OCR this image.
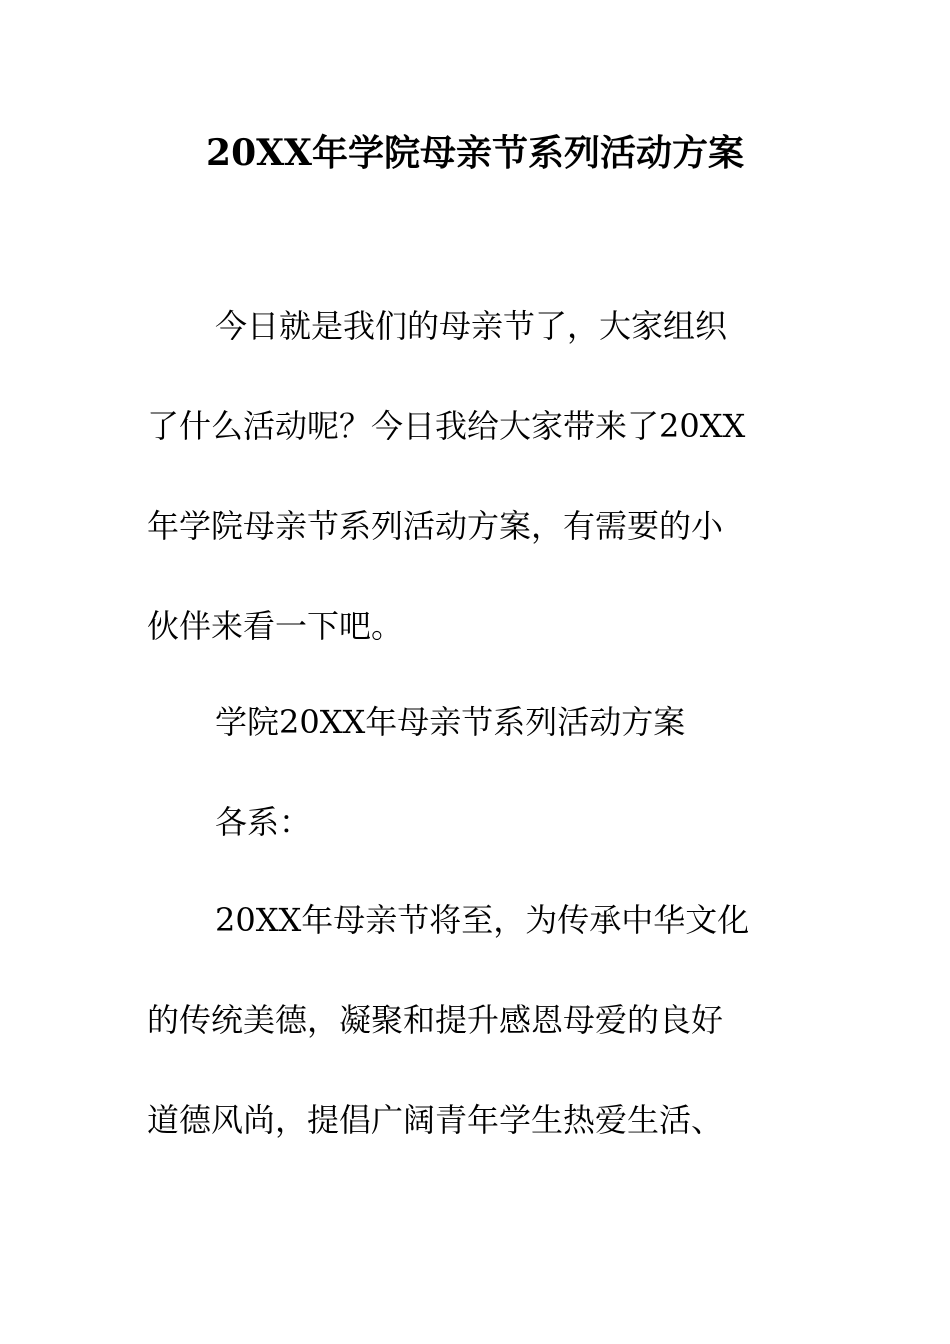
20XX年学院母亲节系列活动方案

今日就是我们的母亲节了，大家组织

了什么活动呢？今日我给大家带来了20XX

年学院母亲节系列活动方案，有需要的小

伙伴来看一下吧。

学院20XX年母亲节系列活动方案

各系：

20XX年母亲节将至，为传承中华文化

的传统美德，凝聚和提升感恩母爱的良好

道德风尚，提倡广阔青年学生热爱生活、
